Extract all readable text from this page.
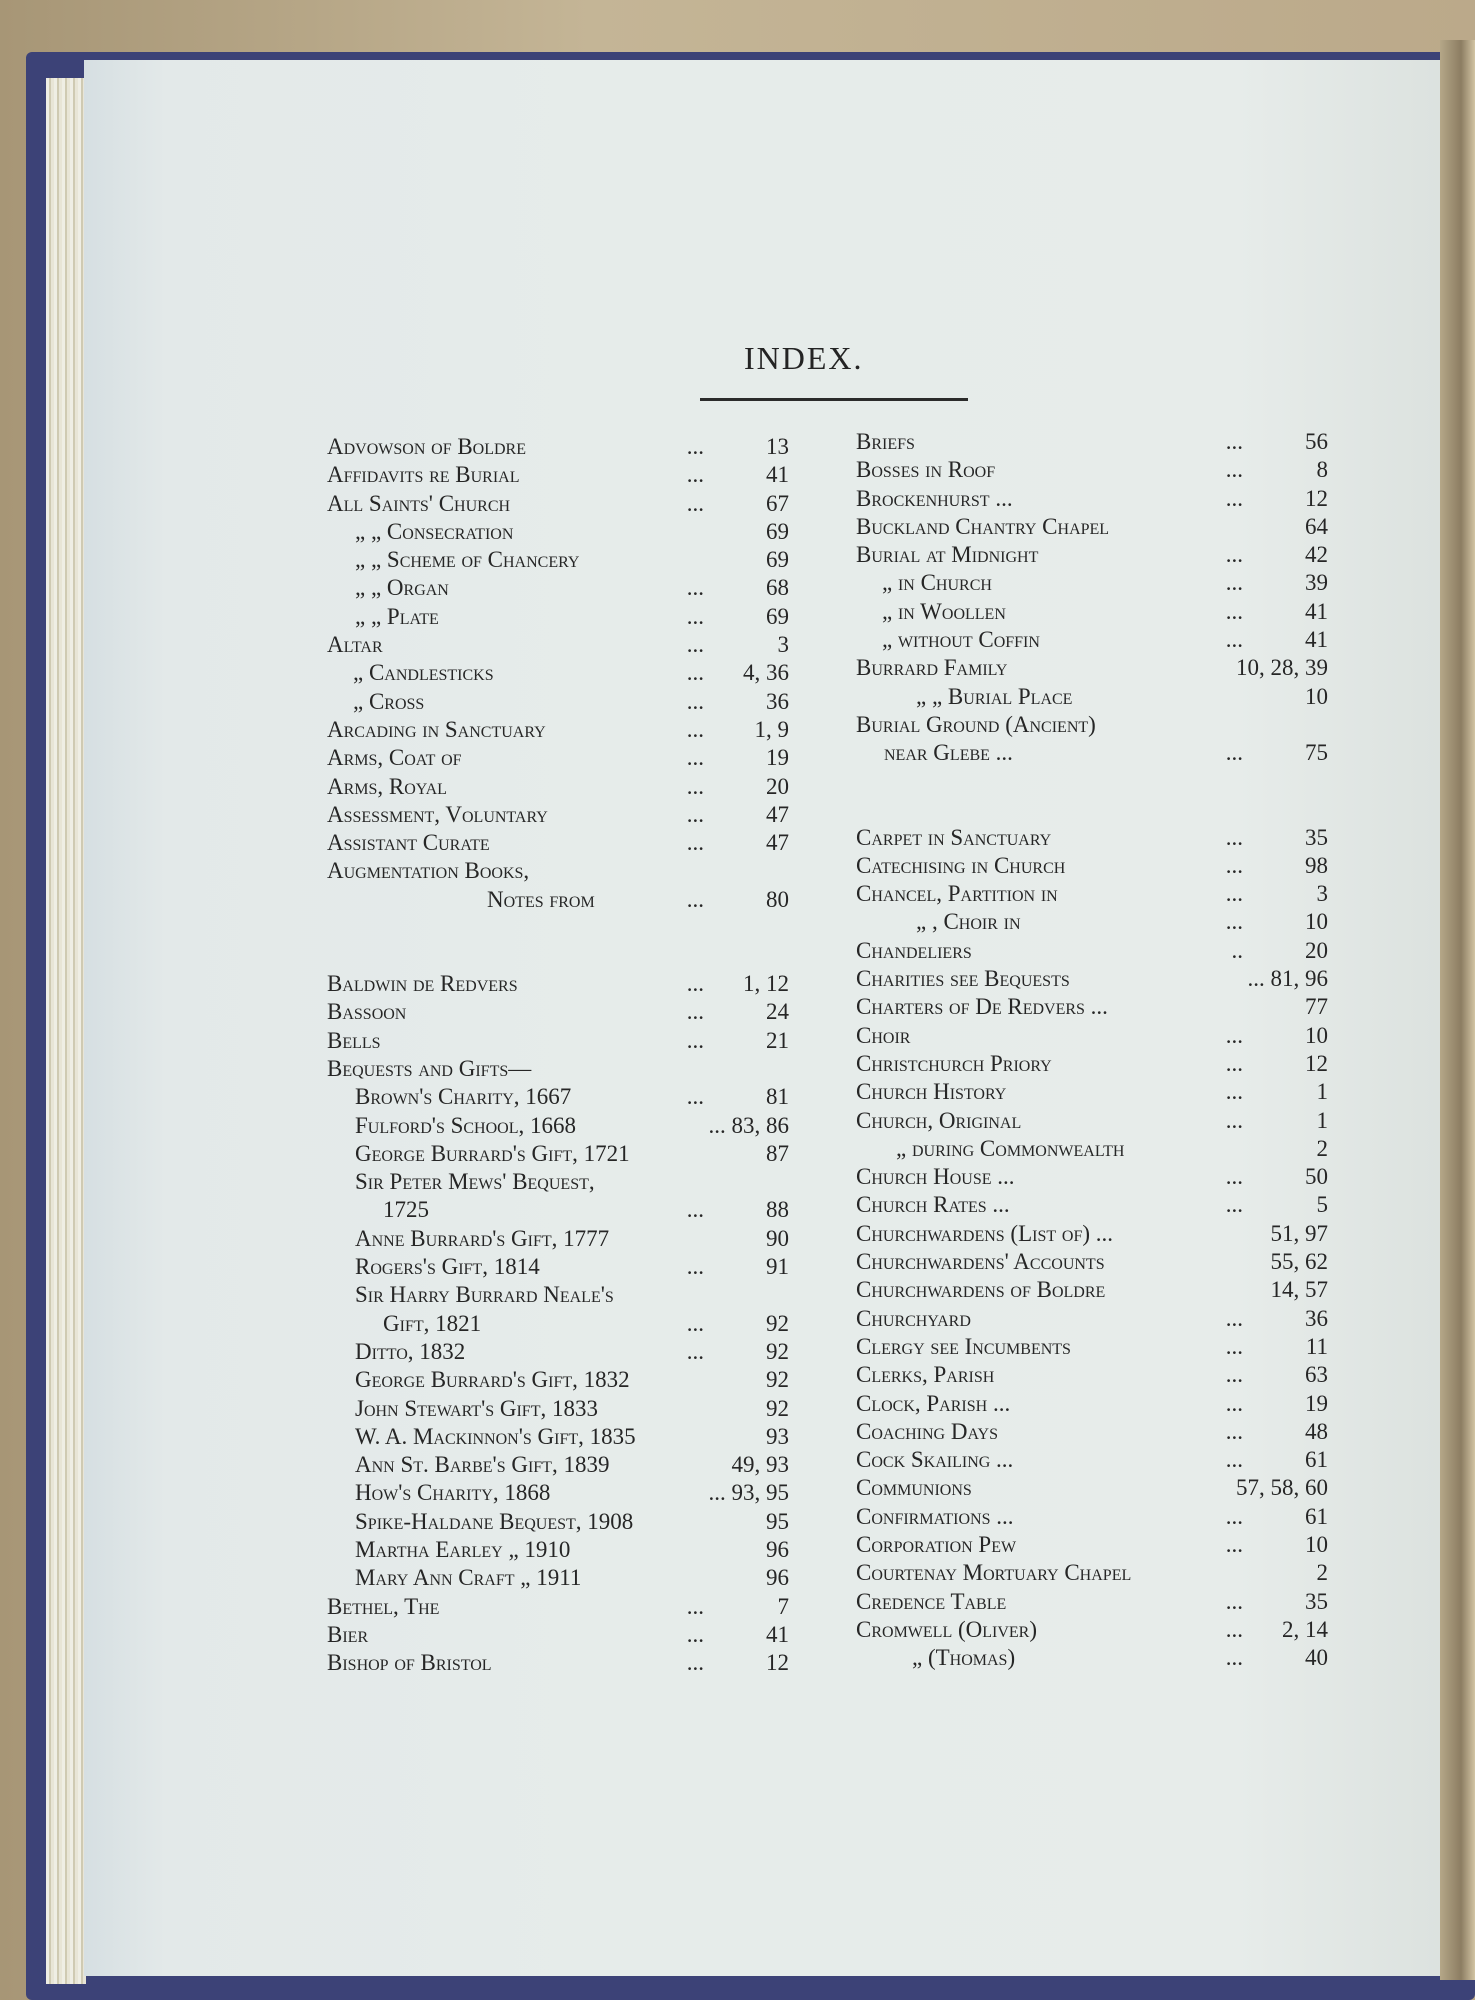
INDEX.
Advowson of Boldre	...	13
Affidavits re Burial	...	41
All Saints' Church	...	67
„ „ Consecration	69
„ „ Scheme of Chancery	69
„ „ Organ	...	68
„ „ Plate	...	69
Altar	...	3
„ Candlesticks	... 4, 36
„ Cross	...	36
Arcading in Sanctuary	... 1, 9
Arms, Coat of	...	19
Arms, Royal	...	20
Assessment, Voluntary	...	47
Assistant Curate	...	47
Augmentation Books,
Notes from	...	80
Baldwin de Redvers	... 1, 12
Bassoon	...	24
Bells	...	21
Bequests and Gifts—
Brown's Charity, 1667	...	81
Fulford's School, 1668	... 83, 86
George Burrard's Gift, 1721	87
Sir Peter Mews' Bequest,
1725	...	88
Anne Burrard's Gift, 1777	90
Rogers's Gift, 1814	...	91
Sir Harry Burrard Neale's
Gift, 1821	...	92
Ditto, 1832	...	92
George Burrard's Gift, 1832	92
John Stewart's Gift, 1833	92
W. A. Mackinnon's Gift, 1835	93
Ann St. Barbe's Gift, 1839	49, 93
How's Charity, 1868	... 93, 95
Spike-Haldane Bequest, 1908	95
Martha Earley „ 1910	96
Mary Ann Craft „ 1911	96
Bethel, The	...	7
Bier	...	41
Bishop of Bristol	...	12
Briefs	...	56
Bosses in Roof	...	8
Brockenhurst ...	...	12
Buckland Chantry Chapel	64
Burial at Midnight	...	42
„ in Church	...	39
„ in Woollen	...	41
„ without Coffin	...	41
Burrard Family	10, 28, 39
„ „ Burial Place	10
Burial Ground (Ancient)
near Glebe ...	...	75
Carpet in Sanctuary	...	35
Catechising in Church	...	98
Chancel, Partition in	...	3
„ , Choir in	...	10
Chandeliers	..	20
Charities see Bequests	... 81, 96
Charters of De Redvers ...	77
Choir	...	10
Christchurch Priory	...	12
Church History	...	1
Church, Original	...	1
„ during Commonwealth	2
Church House ...	...	50
Church Rates ...	...	5
Churchwardens (List of) ...	51, 97
Churchwardens' Accounts	55, 62
Churchwardens of Boldre	14, 57
Churchyard	...	36
Clergy see Incumbents	...	11
Clerks, Parish	...	63
Clock, Parish ...	...	19
Coaching Days	...	48
Cock Skailing ...	...	61
Communions	57, 58, 60
Confirmations ...	...	61
Corporation Pew	...	10
Courtenay Mortuary Chapel	2
Credence Table	...	35
Cromwell (Oliver)	... 2, 14
„ (Thomas)	...	40
